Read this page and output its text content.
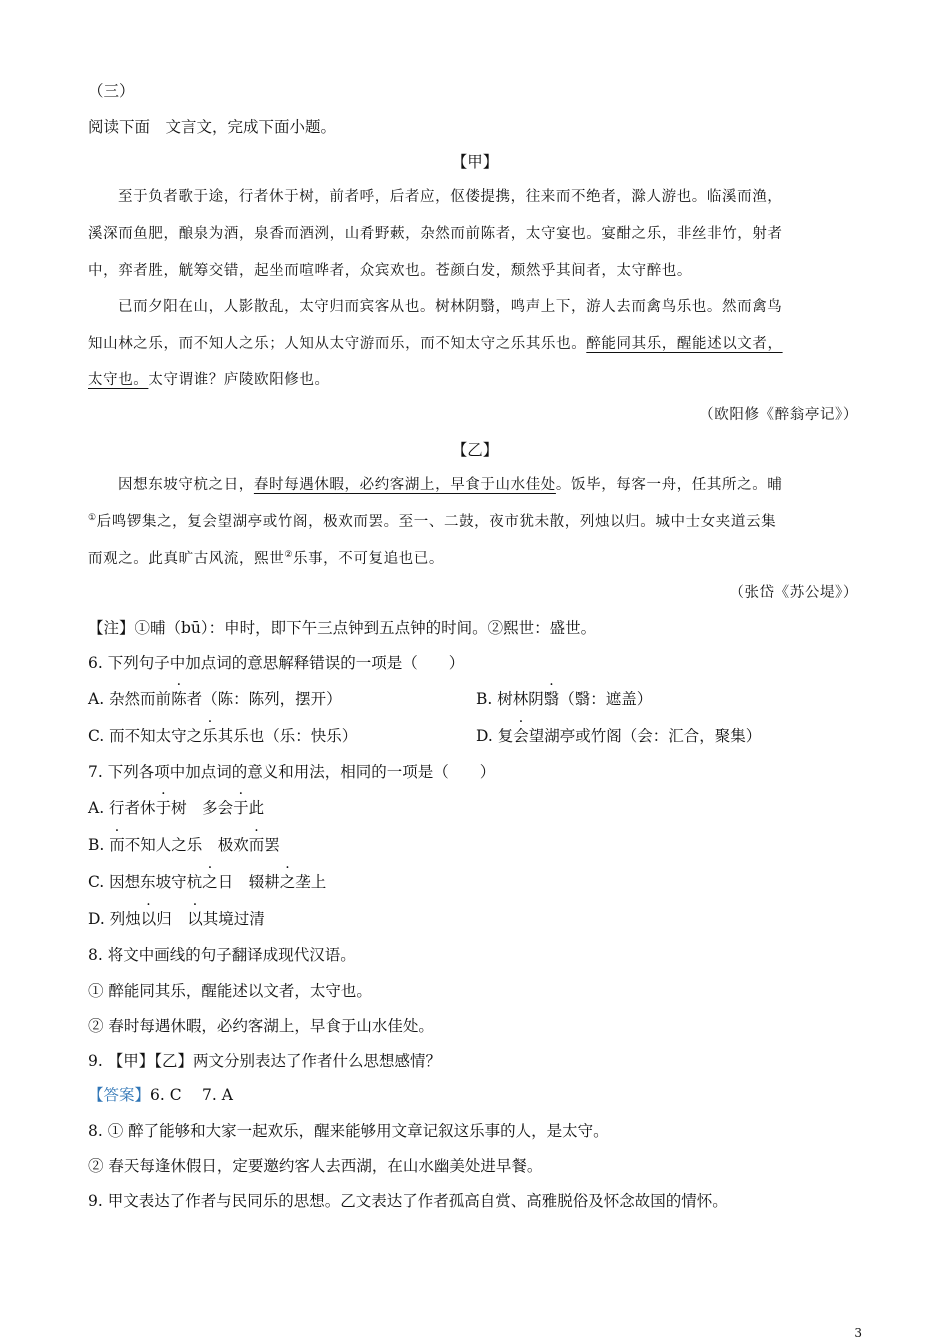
（三）
阅读下面　文言文，完成下面小题。
【甲】
至于负者歌于途，行者休于树，前者呼，后者应，伛偻提携，往来而不绝者，滁人游也。临溪而渔，
溪深而鱼肥，酿泉为酒，泉香而酒洌，山肴野蔌，杂然而前陈者，太守宴也。宴酣之乐，非丝非竹，射者
中，弈者胜，觥筹交错，起坐而喧哗者，众宾欢也。苍颜白发，颓然乎其间者，太守醉也。
已而夕阳在山，人影散乱，太守归而宾客从也。树林阴翳，鸣声上下，游人去而禽鸟乐也。然而禽鸟
知山林之乐，而不知人之乐；人知从太守游而乐，而不知太守之乐其乐也。醉能同其乐，醒能述以文者，
太守也。太守谓谁？庐陵欧阳修也。
（欧阳修《醉翁亭记》）
【乙】
因想东坡守杭之日，春时每遇休暇，必约客湖上，早食于山水佳处。饭毕，每客一舟，任其所之。晡
①后鸣锣集之，复会望湖亭或竹阁，极欢而罢。至一、二鼓，夜市犹未散，列烛以归。城中士女夹道云集
而观之。此真旷古风流，熙世②乐事，不可复追也已。
（张岱《苏公堤》）
【注】①晡（bū）：申时，即下午三点钟到五点钟的时间。②熙世：盛世。
6. 下列句子中加点词的意思解释错误的一项是（　　）
A. 杂然而前陈者（陈：陈列，摆开）	B. 树林阴翳（翳：遮盖）
C. 而不知太守之乐其乐也（乐：快乐）	D. 复会望湖亭或竹阁（会：汇合，聚集）
7. 下列各项中加点词的意义和用法，相同的一项是（　　）
A. 行者休于树　多会于此
B. 而不知人之乐　极欢而罢
C. 因想东坡守杭之日　辍耕之垄上
D. 列烛以归　以其境过清
8. 将文中画线的句子翻译成现代汉语。
① 醉能同其乐，醒能述以文者，太守也。
② 春时每遇休暇，必约客湖上，早食于山水佳处。
9. 【甲】【乙】两文分别表达了作者什么思想感情？
【答案】6. C　 7. A
8. ① 醉了能够和大家一起欢乐，醒来能够用文章记叙这乐事的人，是太守。
② 春天每逢休假日，定要邀约客人去西湖，在山水幽美处进早餐。
9. 甲文表达了作者与民同乐的思想。乙文表达了作者孤高自赏、高雅脱俗及怀念故国的情怀。
3
